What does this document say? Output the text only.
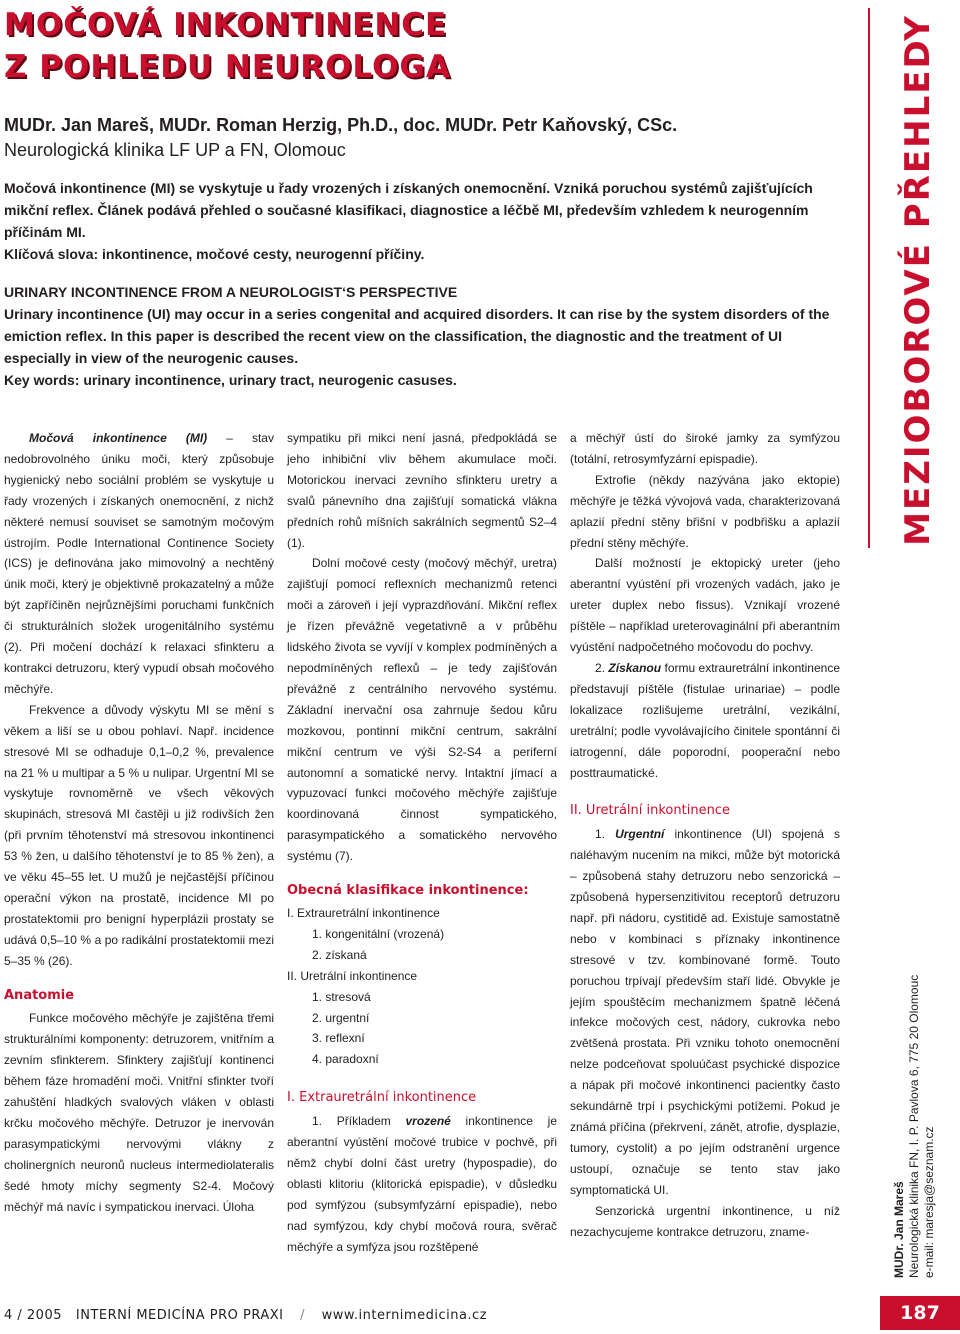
MOČOVÁ INKONTINENCE
Z POHLEDU NEUROLOGA
MUDr. Jan Mareš, MUDr. Roman Herzig, Ph.D., doc. MUDr. Petr Kaňovský, CSc.
Neurologická klinika LF UP a FN, Olomouc

Močová inkontinence (MI) se vyskytuje u řady vrozených i získaných onemocnění. Vzniká poruchou systémů zajišťujících mikční reflex. Článek podává přehled o současné klasifikaci, diagnostice a léčbě MI, především vzhledem k neurogenním příčinám MI.

Klíčová slova: inkontinence, močové cesty, neurogenní příčiny.

URINARY INCONTINENCE FROM A NEUROLOGIST‘S PERSPECTIVE

Urinary incontinence (UI) may occur in a series congenital and acquired disorders. It can rise by the system disorders of the emiction reflex. In this paper is described the recent view on the classification, the diagnostic and the treatment of UI especially in view of the neurogenic causes.

Key words: urinary incontinence, urinary tract, neurogenic casuses.

Močová inkontinence (MI) – stav nedobrovolného úniku moči, který způsobuje hygienický nebo sociální problém se vyskytuje u řady vrozených i získaných onemocnění, z nichž některé nemusí souviset se samotným močovým ústrojím. Podle International Continence Society (ICS) je definována jako mimovolný a nechtěný únik moči, který je objektivně prokazatelný a může být zapříčiněn nejrůznějšími poruchami funkčních či strukturálních složek urogenitálního systému (2). Při močení dochází k relaxaci sfinkteru a kontrakci detruzoru, který vypudí obsah močového měchýře.

Frekvence a důvody výskytu MI se mění s věkem a liší se u obou pohlaví. Např. incidence stresové MI se odhaduje 0,1–0,2 %, prevalence na 21 % u multipar a 5 % u nulipar. Urgentní MI se vyskytuje rovnoměrně ve všech věkových skupinách, stresová MI častěji u již rodivších žen (při prvním těhotenství má stresovou inkontinenci 53 % žen, u dalšího těhotenství je to 85 % žen), a ve věku 45–55 let. U mužů je nejčastější příčinou operační výkon na prostatě, incidence MI po prostatektomii pro benigní hyperplázii prostaty se udává 0,5–10 % a po radikální prostatektomii mezi 5–35 % (26).

Anatomie

Funkce močového měchýře je zajištěna třemi strukturálními komponenty: detruzorem, vnitřním a zevním sfinkterem. Sfinktery zajišťují kontinenci během fáze hromadění moči. Vnitřní sfinkter tvoří zahuštění hladkých svalových vláken v oblasti krčku močového měchýře. Detruzor je inervován parasympatickými nervovými vlákny z cholinergních neuronů nucleus intermediolateralis šedé hmoty míchy segmenty S2-4. Močový měchýř má navíc i sympatickou inervaci. Úloha

sympatiku při mikci není jasná, předpokládá se jeho inhibiční vliv během akumulace moči. Motorickou inervaci zevního sfinkteru uretry a svalů pánevního dna zajišťují somatická vlákna předních rohů míšních sakrálních segmentů S2–4 (1).

Dolní močové cesty (močový měchýř, uretra) zajišťují pomocí reflexních mechanizmů retenci moči a zároveň i její vyprazdňování. Mikční reflex je řízen převážně vegetativně a v průběhu lidského života se vyvíjí v komplex podmíněných a nepodmíněných reflexů – je tedy zajišťován převážně z centrálního nervového systému. Základní inervační osa zahrnuje šedou kůru mozkovou, pontinní mikční centrum, sakrální mikční centrum ve výši S2-S4 a periferní autonomní a somatické nervy. Intaktní jímací a vypuzovací funkci močového měchýře zajišťuje koordinovaná činnost sympatického, parasympatického a somatického nervového systému (7).

Obecná klasifikace inkontinence:
I. Extrauretrální inkontinence
1. kongenitální (vrozená)
2. získaná
II. Uretrální inkontinence
1. stresová
2. urgentní
3. reflexní
4. paradoxní
I. Extrauretrální inkontinence

1. Příkladem vrozené inkontinence je aberantní vyústění močové trubice v pochvě, při němž chybí dolní část uretry (hypospadie), do oblasti klitoriu (klitorická epispadie), v důsledku pod symfýzou (subsymfyzární epispadie), nebo nad symfýzou, kdy chybí močová roura, svěrač měchýře a symfýza jsou rozštěpené

a měchýř ústí do široké jamky za symfýzou (totální, retrosymfyzární epispadie).

Extrofie (někdy nazývána jako ektopie) měchýře je těžká vývojová vada, charakterizovaná aplazií přední stěny břišní v podbřišku a aplazií přední stěny měchýře.

Další možností je ektopický ureter (jeho aberantní vyústění při vrozených vadách, jako je ureter duplex nebo fissus). Vznikají vrozené píštěle – například ureterovaginální při aberantním vyústění nadpočetného močovodu do pochvy.

2. Získanou formu extrauretrální inkontinence představují píštěle (fistulae urinariae) – podle lokalizace rozlišujeme uretrální, vezikální, uretrální; podle vyvolávajícího činitele spontánní či iatrogenní, dále poporodní, pooperační nebo posttraumatické.

II. Uretrální inkontinence

1. Urgentní inkontinence (UI) spojená s naléhavým nucením na mikci, může být motorická – způsobená stahy detruzoru nebo senzorická – způsobená hypersenzitivitou receptorů detruzoru např. při nádoru, cystitidě ad. Existuje samostatně nebo v kombinaci s příznaky inkontinence stresové v tzv. kombinované formě. Touto poruchou trpívají především staří lidé. Obvykle je jejím spouštěcím mechanizmem špatně léčená infekce močových cest, nádory, cukrovka nebo zvětšená prostata. Při vzniku tohoto onemocnění nelze podceňovat spoluúčast psychické dispozice a nápak při močové inkontinenci pacientky často sekundárně trpí i psychickými potížemi. Pokud je známá příčina (překrvení, zánět, atrofie, dysplazie, tumory, cystolit) a po jejím odstranění urgence ustoupí, označuje se tento stav jako symptomatická UI.

Senzorická urgentní inkontinence, u níž nezachycujeme kontrakce detruzoru, zname-

MEZIOBOROVÉ PŘEHLEDY
MUDr. Jan Mareš Neurologická klinika FN, I. P. Pavlova 6, 775 20 Olomouc e-mail: maresja@seznam.cz
4 / 2005 INTERNÍ MEDICÍNA PRO PRAXI / www.internimedicina.cz	187
